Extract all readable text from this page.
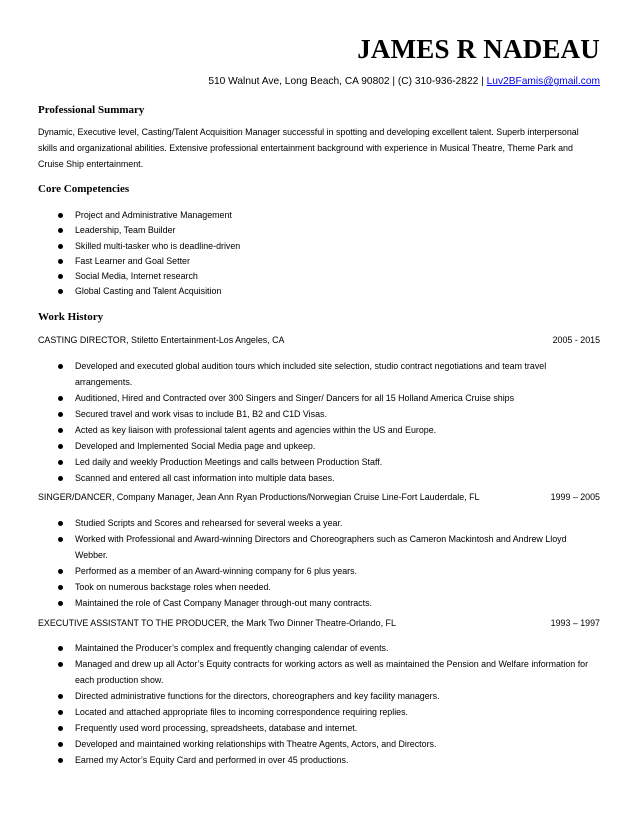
JAMES R NADEAU
510 Walnut Ave, Long Beach, CA 90802 | (C) 310-936-2822 | Luv2BFamis@gmail.com
Professional Summary
Dynamic, Executive level, Casting/Talent Acquisition Manager successful in spotting and developing excellent talent. Superb interpersonal skills and organizational abilities. Extensive professional entertainment background with experience in Musical Theatre, Theme Park and Cruise Ship entertainment.
Core Competencies
Project and Administrative Management
Leadership, Team Builder
Skilled multi-tasker who is deadline-driven
Fast Learner and Goal Setter
Social Media, Internet research
Global Casting and Talent Acquisition
Work History
CASTING DIRECTOR, Stiletto Entertainment-Los Angeles, CA	2005 - 2015
Developed and executed global audition tours which included site selection, studio contract negotiations and team travel arrangements.
Auditioned, Hired and Contracted over 300 Singers and Singer/ Dancers for all 15 Holland America Cruise ships
Secured travel and work visas to include B1, B2 and C1D Visas.
Acted as key liaison with professional talent agents and agencies within the US and Europe.
Developed and Implemented Social Media page and upkeep.
Led daily and weekly Production Meetings and calls between Production Staff.
Scanned and entered all cast information into multiple data bases.
SINGER/DANCER, Company Manager, Jean Ann Ryan Productions/Norwegian Cruise Line-Fort Lauderdale, FL	1999 – 2005
Studied Scripts and Scores and rehearsed for several weeks a year.
Worked with Professional and Award-winning Directors and Choreographers such as Cameron Mackintosh and Andrew Lloyd Webber.
Performed as a member of an Award-winning company for 6 plus years.
Took on numerous backstage roles when needed.
Maintained the role of Cast Company Manager through-out many contracts.
EXECUTIVE ASSISTANT TO THE PRODUCER, the Mark Two Dinner Theatre-Orlando, FL	1993 – 1997
Maintained the Producer’s complex and frequently changing calendar of events.
Managed and drew up all Actor’s Equity contracts for working actors as well as maintained the Pension and Welfare information for each production show.
Directed administrative functions for the directors, choreographers and key facility managers.
Located and attached appropriate files to incoming correspondence requiring replies.
Frequently used word processing, spreadsheets, database and internet.
Developed and maintained working relationships with Theatre Agents, Actors, and Directors.
Earned my Actor’s Equity Card and performed in over 45 productions.
